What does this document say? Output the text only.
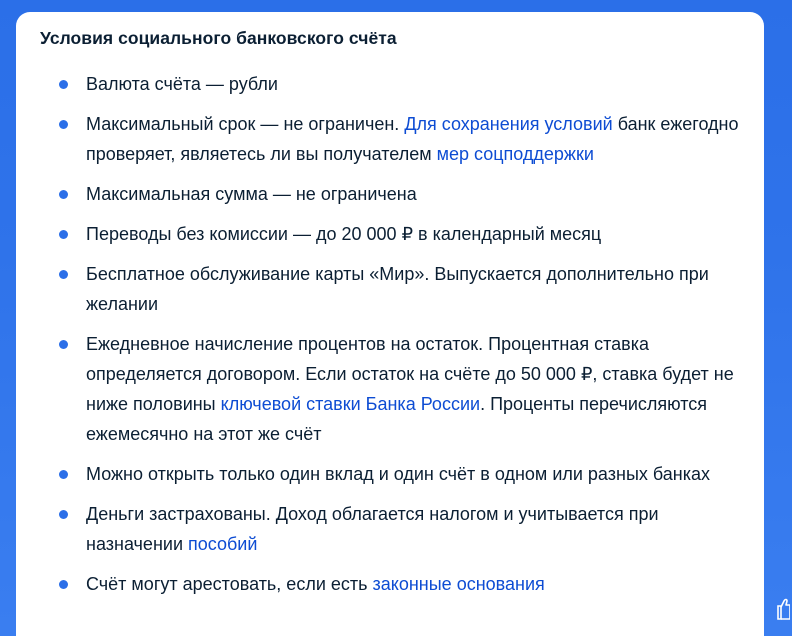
Условия социального банковского счёта
Валюта счёта — рубли
Максимальный срок — не ограничен. Для сохранения условий банк ежегодно проверяет, являетесь ли вы получателем мер соцподдержки
Максимальная сумма — не ограничена
Переводы без комиссии — до 20 000 ₽ в календарный месяц
Бесплатное обслуживание карты «Мир». Выпускается дополнительно при желании
Ежедневное начисление процентов на остаток. Процентная ставка определяется договором. Если остаток на счёте до 50 000 ₽, ставка будет не ниже половины ключевой ставки Банка России. Проценты перечисляются ежемесячно на этот же счёт
Можно открыть только один вклад и один счёт в одном или разных банках
Деньги застрахованы. Доход облагается налогом и учитывается при назначении пособий
Счёт могут арестовать, если есть законные основания
